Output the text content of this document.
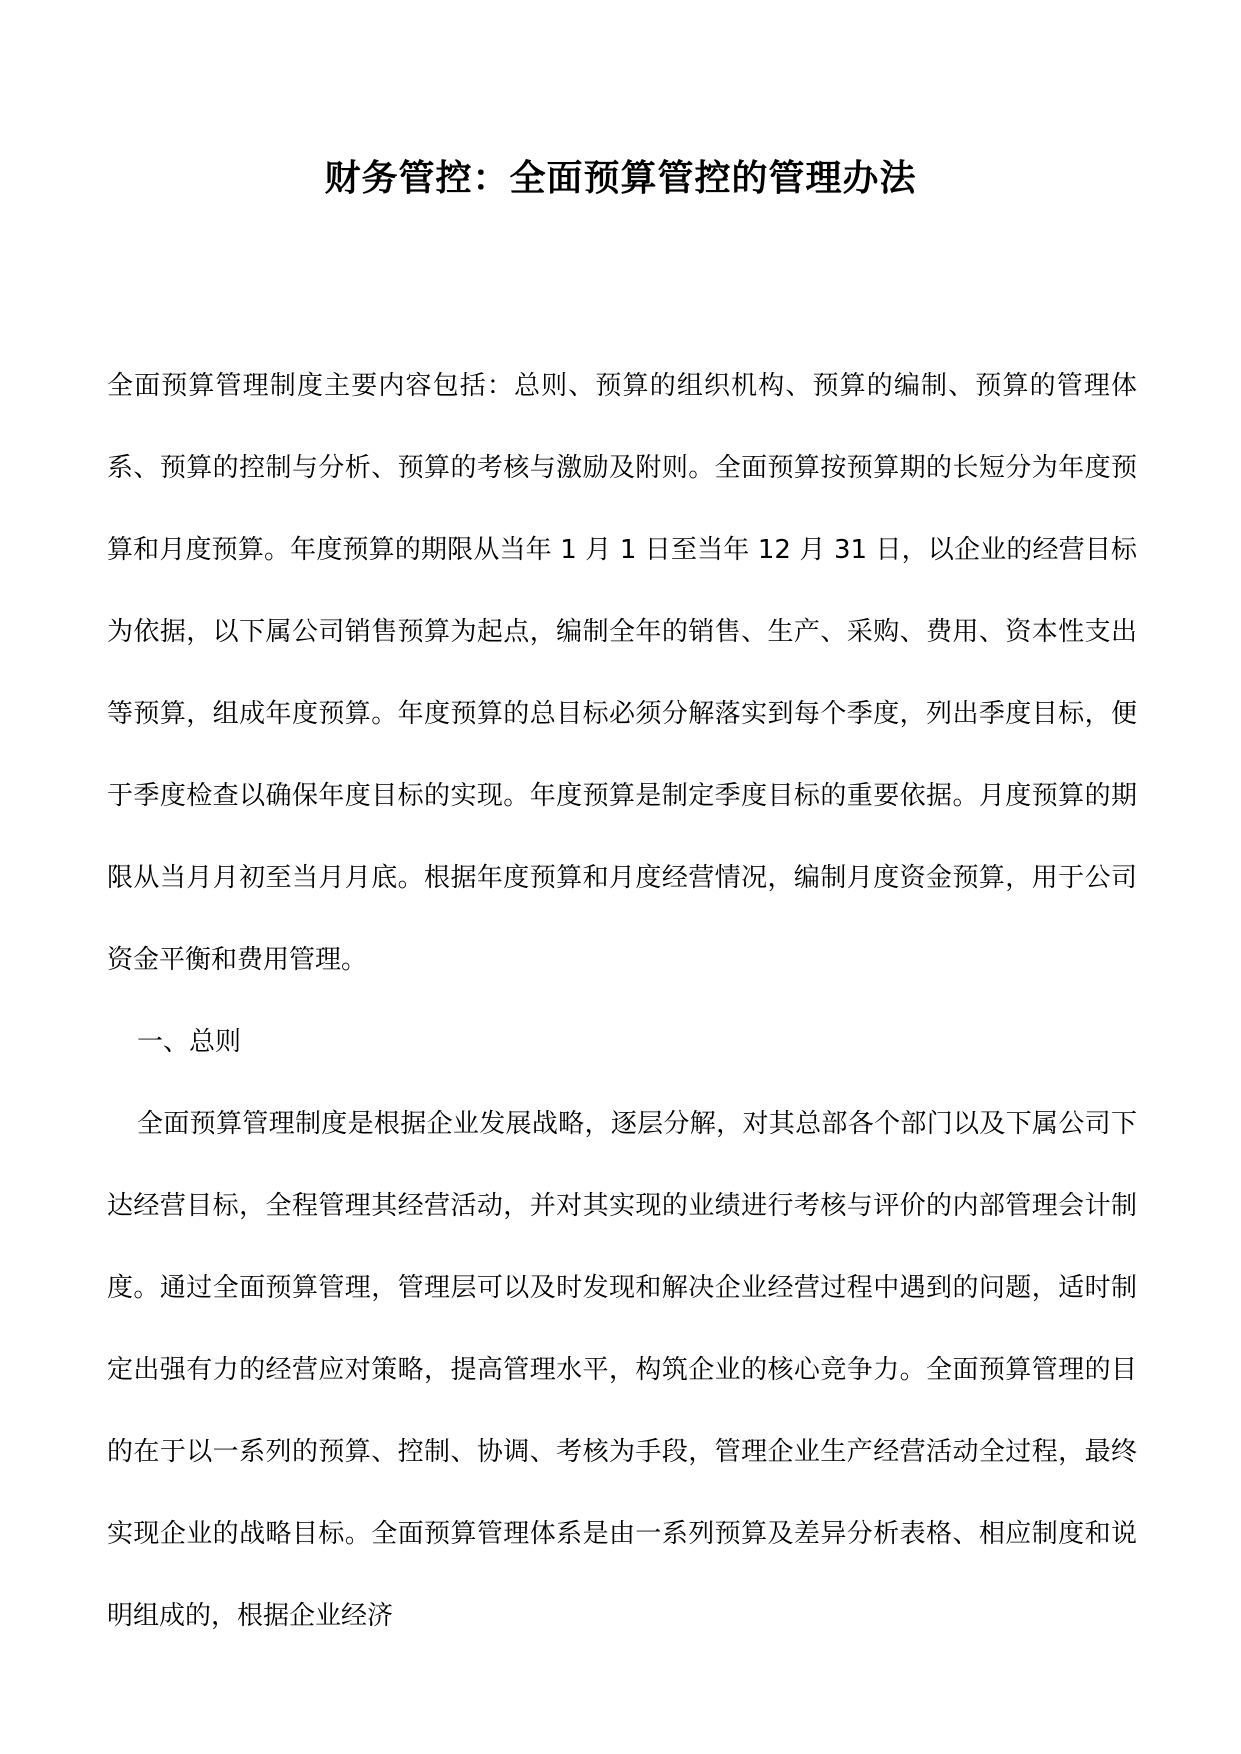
财务管控：全面预算管控的管理办法

全面预算管理制度主要内容包括：总则、预算的组织机构、预算的编制、预算的管理体系、预算的控制与分析、预算的考核与激励及附则。全面预算按预算期的长短分为年度预算和月度预算。年度预算的期限从当年 1 月 1 日至当年 12 月 31 日，以企业的经营目标为依据，以下属公司销售预算为起点，编制全年的销售、生产、采购、费用、资本性支出等预算，组成年度预算。年度预算的总目标必须分解落实到每个季度，列出季度目标，便于季度检查以确保年度目标的实现。年度预算是制定季度目标的重要依据。月度预算的期限从当月月初至当月月底。根据年度预算和月度经营情况，编制月度资金预算，用于公司资金平衡和费用管理。

一、总则

全面预算管理制度是根据企业发展战略，逐层分解，对其总部各个部门以及下属公司下达经营目标，全程管理其经营活动，并对其实现的业绩进行考核与评价的内部管理会计制度。通过全面预算管理，管理层可以及时发现和解决企业经营过程中遇到的问题，适时制定出强有力的经营应对策略，提高管理水平，构筑企业的核心竞争力。全面预算管理的目的在于以一系列的预算、控制、协调、考核为手段，管理企业生产经营活动全过程，最终实现企业的战略目标。全面预算管理体系是由一系列预算及差异分析表格、相应制度和说明组成的，根据企业经济
